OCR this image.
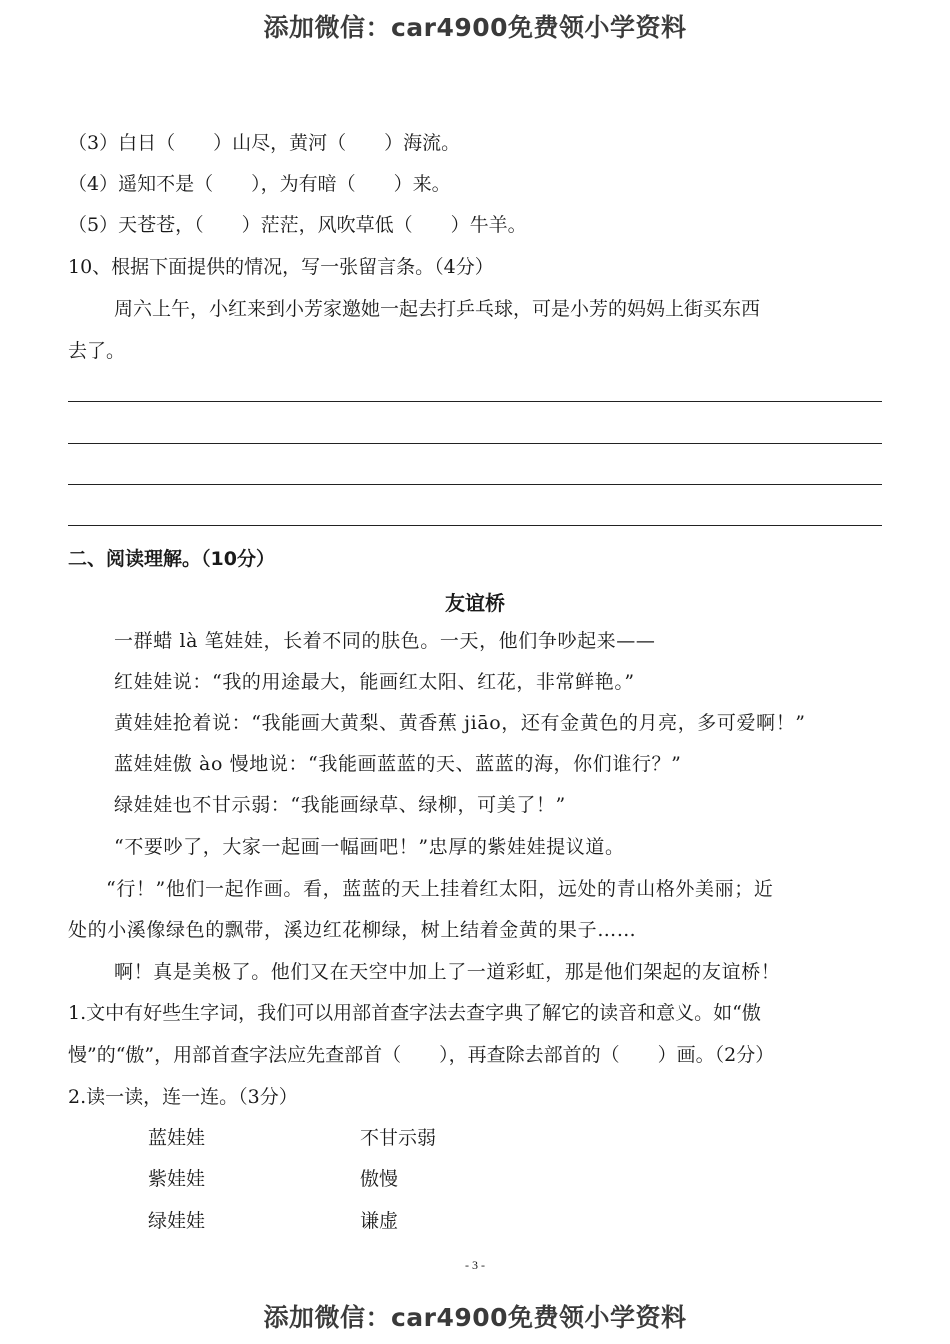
添加微信：car4900免费领小学资料
（3）白日（　　）山尽，黄河（　　）海流。
（4）遥知不是（　　），为有暗（　　）来。
（5）天苍苍，（　　）茫茫，风吹草低（　　）牛羊。
10、根据下面提供的情况，写一张留言条。（4分）
周六上午，小红来到小芳家邀她一起去打乒乓球，可是小芳的妈妈上街买东西
去了。
二、阅读理解。（10分）
友谊桥
一群蜡 là 笔娃娃，长着不同的肤色。一天，他们争吵起来——
红娃娃说：“我的用途最大，能画红太阳、红花，非常鲜艳。”
黄娃娃抢着说：“我能画大黄梨、黄香蕉 jiāo，还有金黄色的月亮，多可爱啊！”
蓝娃娃傲 ào 慢地说：“我能画蓝蓝的天、蓝蓝的海，你们谁行？”
绿娃娃也不甘示弱：“我能画绿草、绿柳，可美了！”
“不要吵了，大家一起画一幅画吧！”忠厚的紫娃娃提议道。
“行！”他们一起作画。看，蓝蓝的天上挂着红太阳，远处的青山格外美丽；近
处的小溪像绿色的飘带，溪边红花柳绿，树上结着金黄的果子……
啊！真是美极了。他们又在天空中加上了一道彩虹，那是他们架起的友谊桥！
1.文中有好些生字词，我们可以用部首查字法去查字典了解它的读音和意义。如“傲
慢”的“傲”，用部首查字法应先查部首（　　），再查除去部首的（　　）画。（2分）
2.读一读，连一连。（3分）
蓝娃娃
紫娃娃
绿娃娃
不甘示弱
傲慢
谦虚
- 3 -
添加微信：car4900免费领小学资料
